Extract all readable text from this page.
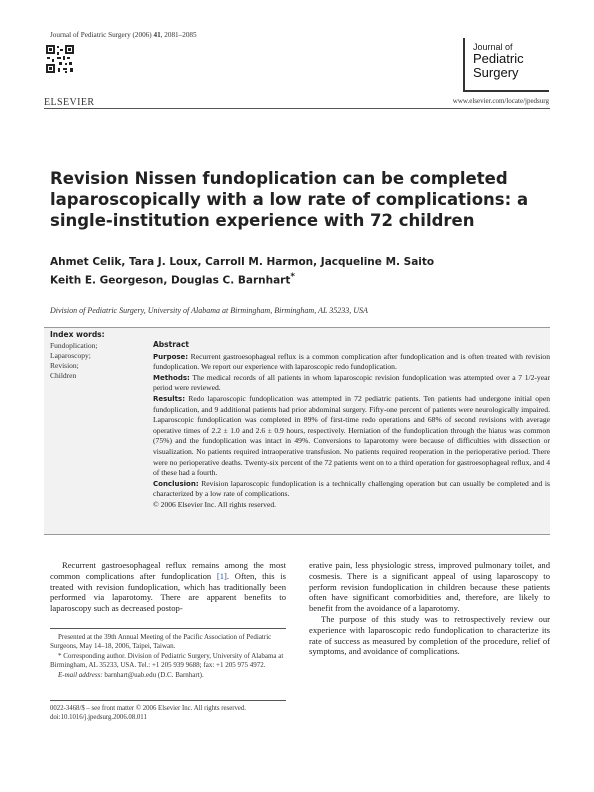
Journal of Pediatric Surgery (2006) 41, 2081–2085
ELSEVIER
Journal of
Pediatric
Surgery
www.elsevier.com/locate/jpedsurg
Revision Nissen fundoplication can be completed laparoscopically with a low rate of complications: a single-institution experience with 72 children
Ahmet Celik, Tara J. Loux, Carroll M. Harmon, Jacqueline M. Saito
Keith E. Georgeson, Douglas C. Barnhart*
Division of Pediatric Surgery, University of Alabama at Birmingham, Birmingham, AL 35233, USA
Index words:
Fundoplication;
Laparoscopy;
Revision;
Children
Abstract
Purpose: Recurrent gastroesophageal reflux is a common complication after fundoplication and is often treated with revision fundoplication. We report our experience with laparoscopic redo fundoplication.
Methods: The medical records of all patients in whom laparoscopic revision fundoplication was attempted over a 7 1/2-year period were reviewed.
Results: Redo laparoscopic fundoplication was attempted in 72 pediatric patients. Ten patients had undergone initial open fundoplication, and 9 additional patients had prior abdominal surgery. Fifty-one percent of patients were neurologically impaired. Laparoscopic fundoplication was completed in 89% of first-time redo operations and 68% of second revisions with average operative times of 2.2 ± 1.0 and 2.6 ± 0.9 hours, respectively. Herniation of the fundoplication through the hiatus was common (75%) and the fundoplication was intact in 49%. Conversions to laparotomy were because of difficulties with dissection or visualization. No patients required intraoperative transfusion. No patients required reoperation in the perioperative period. There were no perioperative deaths. Twenty-six percent of the 72 patients went on to a third operation for gastroesophageal reflux, and 4 of these had a fourth.
Conclusion: Revision laparoscopic fundoplication is a technically challenging operation but can usually be completed and is characterized by a low rate of complications.
© 2006 Elsevier Inc. All rights reserved.
Recurrent gastroesophageal reflux remains among the most common complications after fundoplication [1]. Often, this is treated with revision fundoplication, which has traditionally been performed via laparotomy. There are apparent benefits to laparoscopy such as decreased postop-

erative pain, less physiologic stress, improved pulmonary toilet, and cosmesis. There is a significant appeal of using laparoscopy to perform revision fundoplication in children because these patients often have significant comorbidities and, therefore, are likely to benefit from the avoidance of a laparotomy.

The purpose of this study was to retrospectively review our experience with laparoscopic redo fundoplication to characterize its rate of success as measured by completion of the procedure, relief of symptoms, and avoidance of complications.

Presented at the 39th Annual Meeting of the Pacific Association of Pediatric Surgeons, May 14–18, 2006, Taipei, Taiwan.

* Corresponding author. Division of Pediatric Surgery, University of Alabama at Birmingham, AL 35233, USA. Tel.: +1 205 939 9688; fax: +1 205 975 4972.

E-mail address: barnhart@uab.edu (D.C. Barnhart).

0022-3468/$ – see front matter © 2006 Elsevier Inc. All rights reserved.
doi:10.1016/j.jpedsurg.2006.08.011
